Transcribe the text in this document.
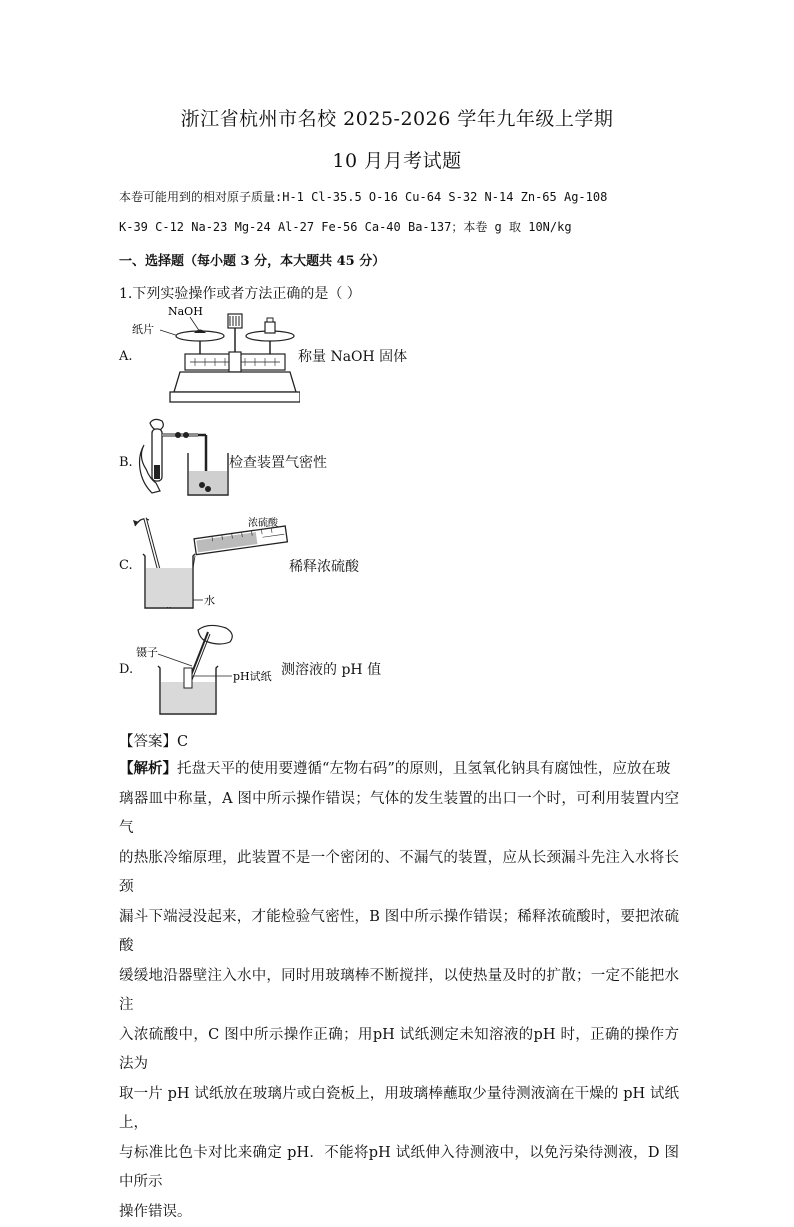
浙江省杭州市名校 2025-2026 学年九年级上学期
10 月月考试题
本卷可能用到的相对原子质量:H-1 Cl-35.5 O-16 Cu-64 S-32 N-14 Zn-65 Ag-108
K-39 C-12 Na-23 Mg-24 Al-27 Fe-56 Ca-40 Ba-137；本卷 g 取 10N/kg
一、选择题（每小题 3 分，本大题共 45 分）
1.下列实验操作或者方法正确的是（ ）
A.
NaOH
纸片
称量 NaOH 固体
B.	检查装置气密性
C.
浓硫酸
水
稀释浓硫酸
D.
镊子
pH试纸 测溶液的 pH 值
【答案】C
【解析】托盘天平的使用要遵循“左物右码”的原则，且氢氧化钠具有腐蚀性，应放在玻
璃器皿中称量，A 图中所示操作错误；气体的发生装置的出口一个时，可利用装置内空气
的热胀冷缩原理，此装置不是一个密闭的、不漏气的装置，应从长颈漏斗先注入水将长颈
漏斗下端浸没起来，才能检验气密性，B 图中所示操作错误；稀释浓硫酸时，要把浓硫酸
缓缓地沿器壁注入水中，同时用玻璃棒不断搅拌，以使热量及时的扩散；一定不能把水注
入浓硫酸中，C 图中所示操作正确；用pH 试纸测定未知溶液的pH 时，正确的操作方法为
取一片 pH 试纸放在玻璃片或白瓷板上，用玻璃棒蘸取少量待测液滴在干燥的 pH 试纸上，
与标准比色卡对比来确定 pH．不能将pH 试纸伸入待测液中，以免污染待测液，D 图中所示
操作错误。
